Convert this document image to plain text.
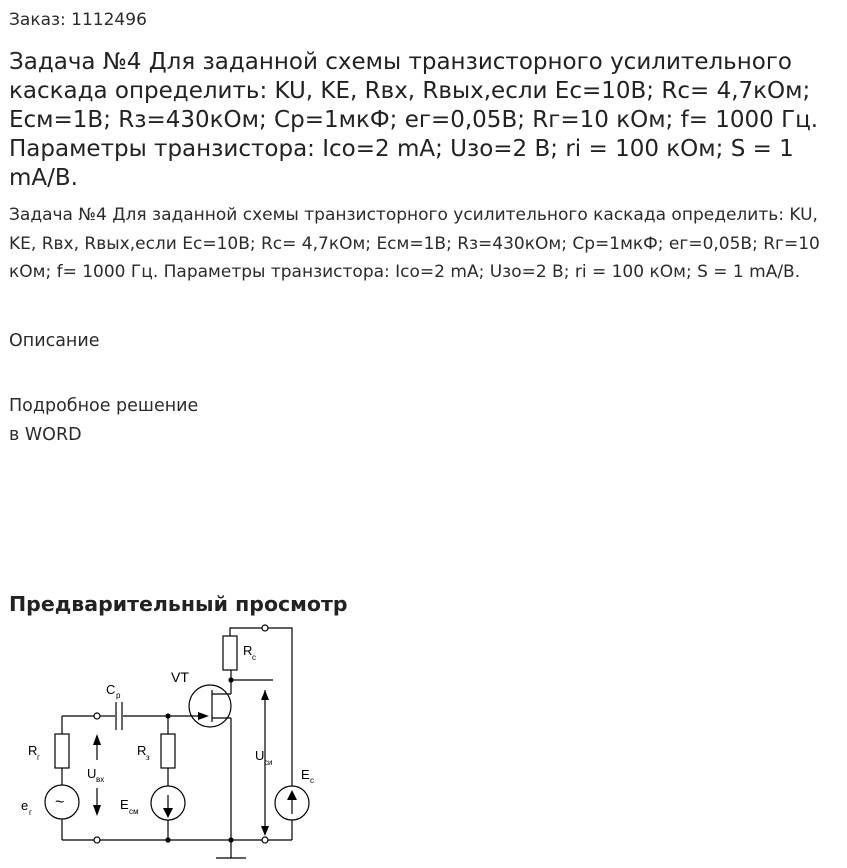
Заказ: 1112496
Задача №4 Для заданной схемы транзисторного усилительного каскада определить: KU, KE, Rвх, Rвых,если Ec=10В; Rc= 4,7кОм; Eсм=1В; Rз=430кОм; Cр=1мкФ; eг=0,05В; Rг=10 кОм; f= 1000 Гц. Параметры транзистора: Iсо=2 mA; Uзо=2 В; ri = 100 кОм; S = 1 mA/B.
Задача №4 Для заданной схемы транзисторного усилительного каскада определить: KU, KE, Rвх, Rвых,если Ec=10В; Rc= 4,7кОм; Eсм=1В; Rз=430кОм; Cр=1мкФ; eг=0,05В; Rг=10 кОм; f= 1000 Гц. Параметры транзистора: Iсо=2 mA; Uзо=2 В; ri = 100 кОм; S = 1 mA/B.
Описание
Подробное решение
в WORD
Предварительный просмотр
~
VT
C р
R с
R г	R з
U вх
U си
E с
e г
E см
